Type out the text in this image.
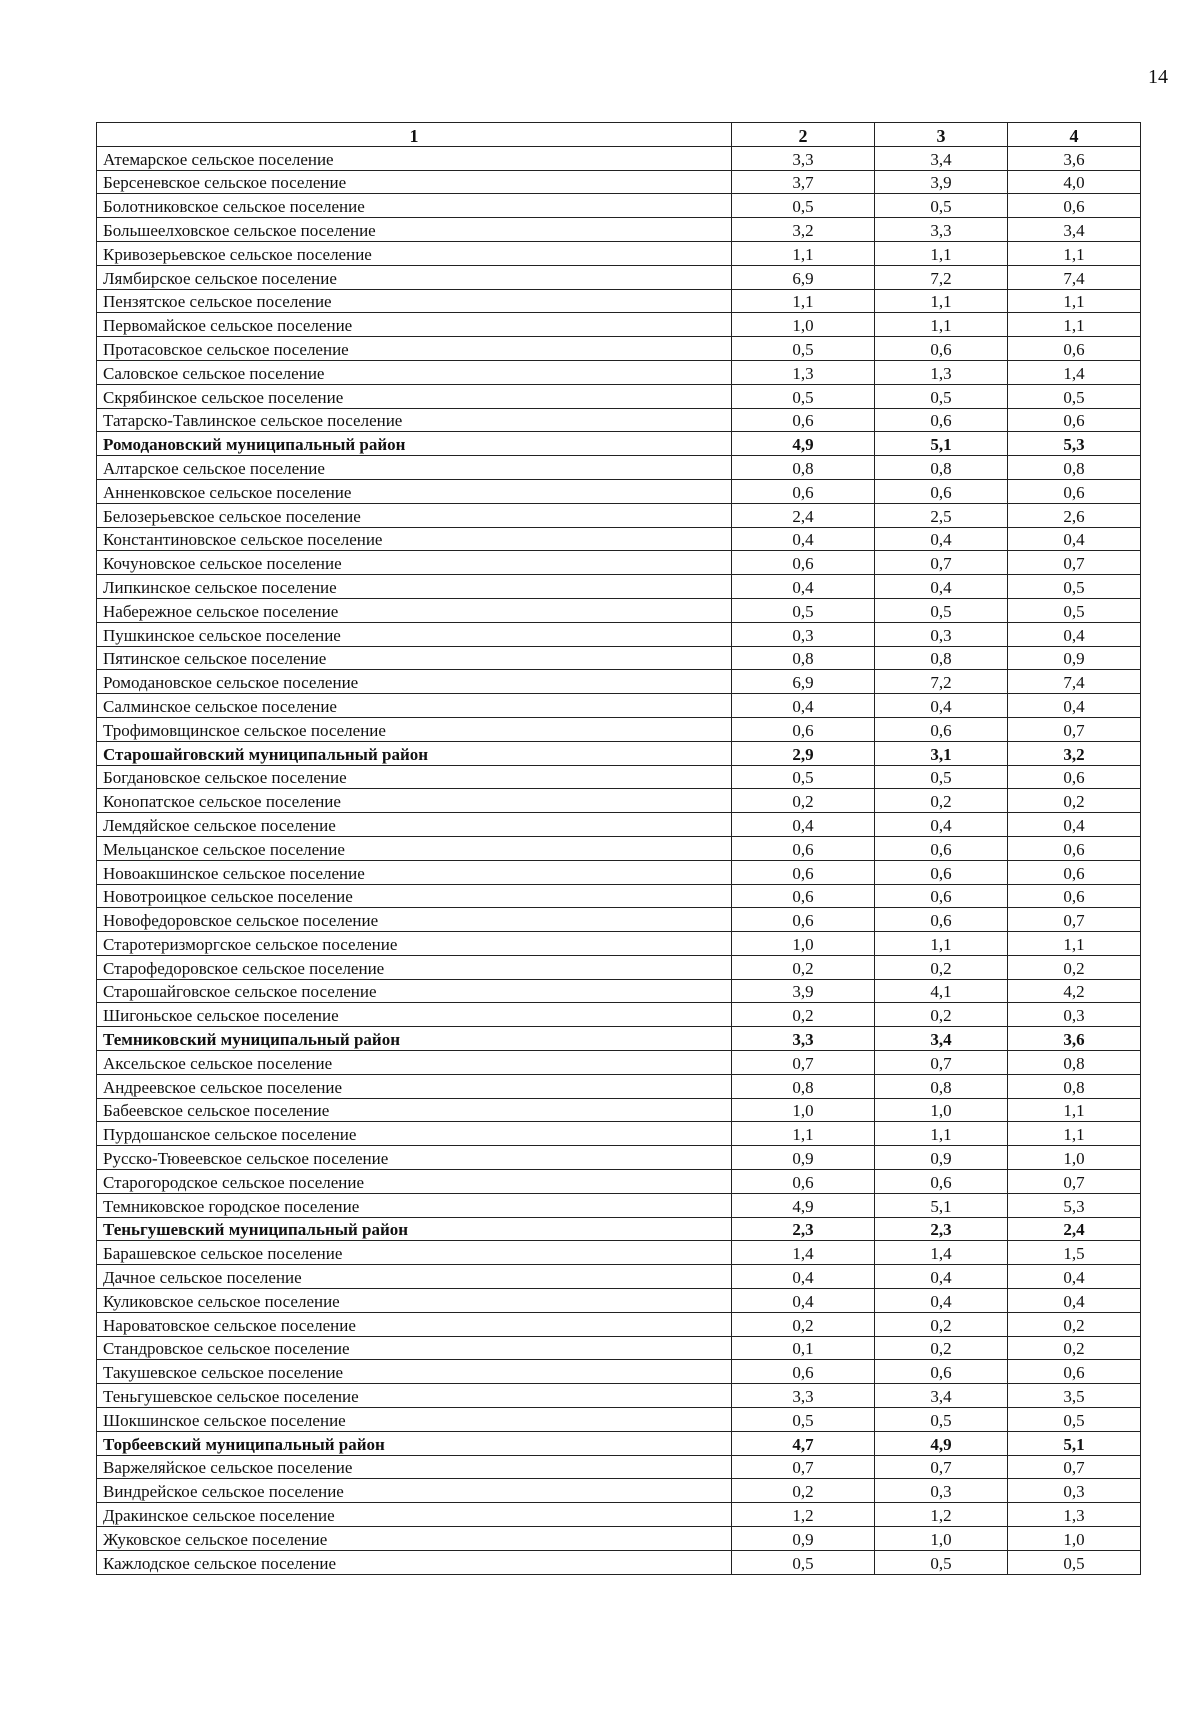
14
1	2	3	4
Атемарское сельское поселение	3,3	3,4	3,6
Берсеневское сельское поселение	3,7	3,9	4,0
Болотниковское сельское поселение	0,5	0,5	0,6
Большеелховское сельское поселение	3,2	3,3	3,4
Кривозерьевское сельское поселение	1,1	1,1	1,1
Лямбирское сельское поселение	6,9	7,2	7,4
Пензятское сельское поселение	1,1	1,1	1,1
Первомайское сельское поселение	1,0	1,1	1,1
Протасовское сельское поселение	0,5	0,6	0,6
Саловское сельское поселение	1,3	1,3	1,4
Скрябинское сельское поселение	0,5	0,5	0,5
Татарско-Тавлинское сельское поселение	0,6	0,6	0,6
Ромодановский муниципальный район	4,9	5,1	5,3
Алтарское сельское поселение	0,8	0,8	0,8
Анненковское сельское поселение	0,6	0,6	0,6
Белозерьевское сельское поселение	2,4	2,5	2,6
Константиновское сельское поселение	0,4	0,4	0,4
Кочуновское сельское поселение	0,6	0,7	0,7
Липкинское сельское поселение	0,4	0,4	0,5
Набережное сельское поселение	0,5	0,5	0,5
Пушкинское сельское поселение	0,3	0,3	0,4
Пятинское сельское поселение	0,8	0,8	0,9
Ромодановское сельское поселение	6,9	7,2	7,4
Салминское сельское поселение	0,4	0,4	0,4
Трофимовщинское сельское поселение	0,6	0,6	0,7
Старошайговский муниципальный район	2,9	3,1	3,2
Богдановское сельское поселение	0,5	0,5	0,6
Конопатское сельское поселение	0,2	0,2	0,2
Лемдяйское сельское поселение	0,4	0,4	0,4
Мельцанское сельское поселение	0,6	0,6	0,6
Новоакшинское сельское поселение	0,6	0,6	0,6
Новотроицкое сельское поселение	0,6	0,6	0,6
Новофедоровское сельское поселение	0,6	0,6	0,7
Старотеризморгское сельское поселение	1,0	1,1	1,1
Старофедоровское сельское поселение	0,2	0,2	0,2
Старошайговское сельское поселение	3,9	4,1	4,2
Шигоньское сельское поселение	0,2	0,2	0,3
Темниковский муниципальный район	3,3	3,4	3,6
Аксельское сельское поселение	0,7	0,7	0,8
Андреевское сельское поселение	0,8	0,8	0,8
Бабеевское сельское поселение	1,0	1,0	1,1
Пурдошанское сельское поселение	1,1	1,1	1,1
Русско-Тювеевское сельское поселение	0,9	0,9	1,0
Старогородское сельское поселение	0,6	0,6	0,7
Темниковское городское поселение	4,9	5,1	5,3
Теньгушевский муниципальный район	2,3	2,3	2,4
Барашевское сельское поселение	1,4	1,4	1,5
Дачное сельское поселение	0,4	0,4	0,4
Куликовское сельское поселение	0,4	0,4	0,4
Нароватовское сельское поселение	0,2	0,2	0,2
Стандровское сельское поселение	0,1	0,2	0,2
Такушевское сельское поселение	0,6	0,6	0,6
Теньгушевское сельское поселение	3,3	3,4	3,5
Шокшинское сельское поселение	0,5	0,5	0,5
Торбеевский муниципальный район	4,7	4,9	5,1
Варжеляйское сельское поселение	0,7	0,7	0,7
Виндрейское сельское поселение	0,2	0,3	0,3
Дракинское сельское поселение	1,2	1,2	1,3
Жуковское сельское поселение	0,9	1,0	1,0
Кажлодское сельское поселение	0,5	0,5	0,5
